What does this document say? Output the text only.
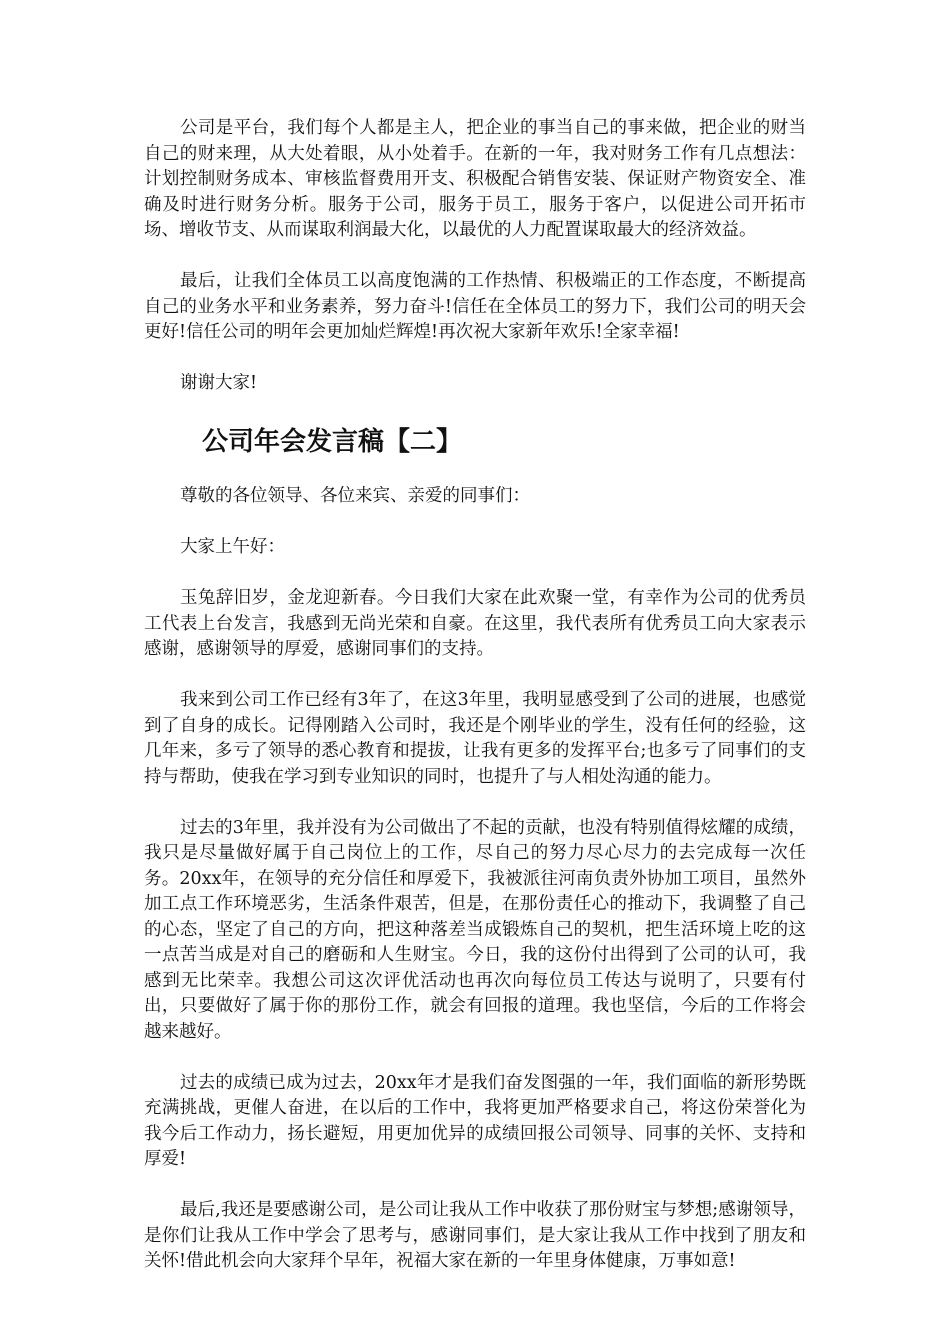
公司是平台，我们每个人都是主人，把企业的事当自己的事来做，把企业的财当自己的财来理，从大处着眼，从小处着手。在新的一年，我对财务工作有几点想法：计划控制财务成本、审核监督费用开支、积极配合销售安装、保证财产物资安全、准确及时进行财务分析。服务于公司，服务于员工，服务于客户，以促进公司开拓市场、增收节支、从而谋取利润最大化，以最优的人力配置谋取最大的经济效益。

最后，让我们全体员工以高度饱满的工作热情、积极端正的工作态度，不断提高自己的业务水平和业务素养，努力奋斗!信任在全体员工的努力下，我们公司的明天会更好!信任公司的明年会更加灿烂辉煌!再次祝大家新年欢乐!全家幸福!

谢谢大家!

公司年会发言稿【二】

尊敬的各位领导、各位来宾、亲爱的同事们：

大家上午好：

玉兔辞旧岁，金龙迎新春。今日我们大家在此欢聚一堂，有幸作为公司的优秀员工代表上台发言，我感到无尚光荣和自豪。在这里，我代表所有优秀员工向大家表示感谢，感谢领导的厚爱，感谢同事们的支持。

我来到公司工作已经有3年了，在这3年里，我明显感受到了公司的进展，也感觉到了自身的成长。记得刚踏入公司时，我还是个刚毕业的学生，没有任何的经验，这几年来，多亏了领导的悉心教育和提拔，让我有更多的发挥平台;也多亏了同事们的支持与帮助，使我在学习到专业知识的同时，也提升了与人相处沟通的能力。

过去的3年里，我并没有为公司做出了不起的贡献，也没有特别值得炫耀的成绩，我只是尽量做好属于自己岗位上的工作，尽自己的努力尽心尽力的去完成每一次任务。20xx年，在领导的充分信任和厚爱下，我被派往河南负责外协加工项目，虽然外加工点工作环境恶劣，生活条件艰苦，但是，在那份责任心的推动下，我调整了自己的心态，坚定了自己的方向，把这种落差当成锻炼自己的契机，把生活环境上吃的这一点苦当成是对自己的磨砺和人生财宝。今日，我的这份付出得到了公司的认可，我感到无比荣幸。我想公司这次评优活动也再次向每位员工传达与说明了，只要有付出，只要做好了属于你的那份工作，就会有回报的道理。我也坚信，今后的工作将会越来越好。

过去的成绩已成为过去，20xx年才是我们奋发图强的一年，我们面临的新形势既充满挑战，更催人奋进，在以后的工作中，我将更加严格要求自己，将这份荣誉化为我今后工作动力，扬长避短，用更加优异的成绩回报公司领导、同事的关怀、支持和厚爱!

最后,我还是要感谢公司，是公司让我从工作中收获了那份财宝与梦想;感谢领导，是你们让我从工作中学会了思考与，感谢同事们，是大家让我从工作中找到了朋友和关怀!借此机会向大家拜个早年，祝福大家在新的一年里身体健康，万事如意!
